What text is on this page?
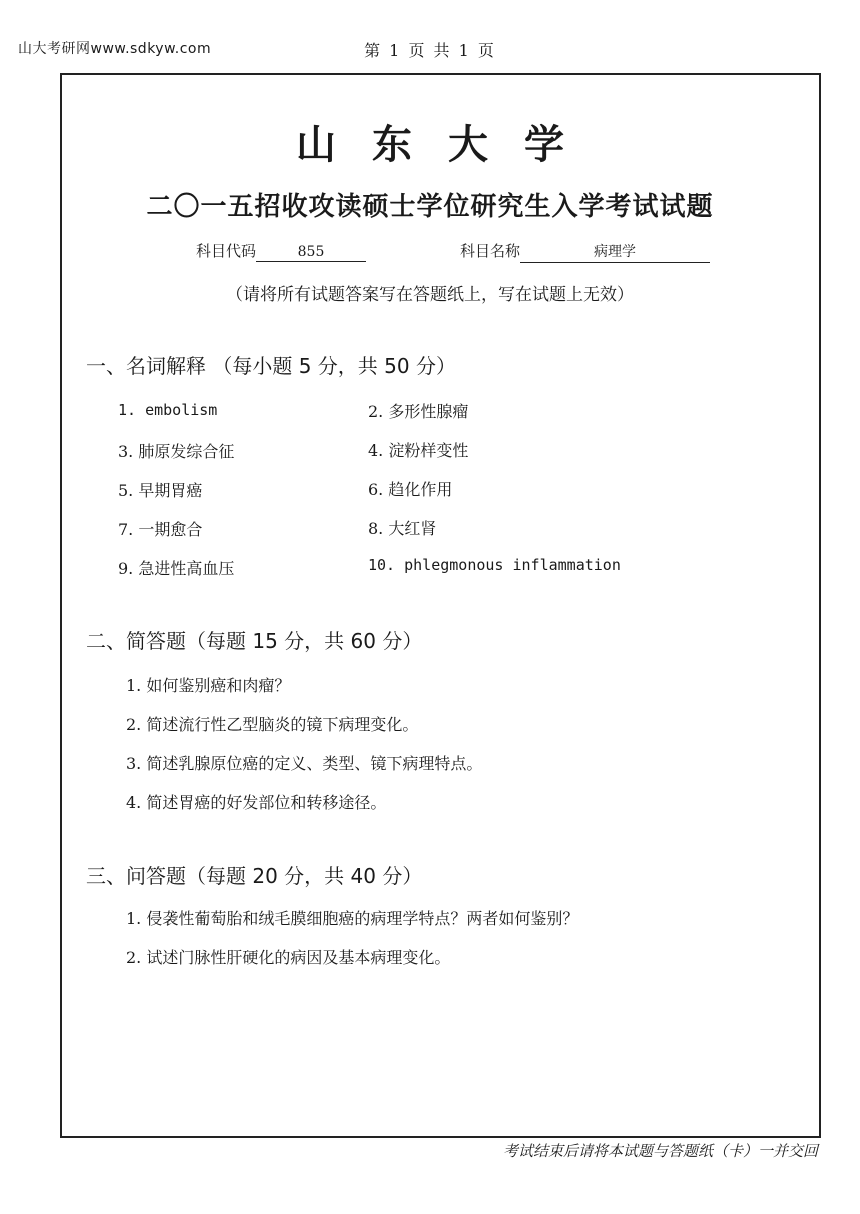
山大考研网www.sdkyw.com	第 1 页 共 1 页
山东大学
二〇一五招收攻读硕士学位研究生入学考试试题
科目代码	855	科目名称	病理学
（请将所有试题答案写在答题纸上，写在试题上无效）
一、名词解释 （每小题 5 分，共 50 分）
1. embolism	2. 多形性腺瘤
3. 肺原发综合征	4. 淀粉样变性
5. 早期胃癌	6. 趋化作用
7. 一期愈合	8. 大红肾
9. 急进性高血压	10. phlegmonous inflammation
二、简答题（每题 15 分，共 60 分）
1. 如何鉴别癌和肉瘤？
2. 简述流行性乙型脑炎的镜下病理变化。
3. 简述乳腺原位癌的定义、类型、镜下病理特点。
4. 简述胃癌的好发部位和转移途径。
三、问答题（每题 20 分，共 40 分）
1. 侵袭性葡萄胎和绒毛膜细胞癌的病理学特点？两者如何鉴别？
2. 试述门脉性肝硬化的病因及基本病理变化。
考试结束后请将本试题与答题纸（卡）一并交回
